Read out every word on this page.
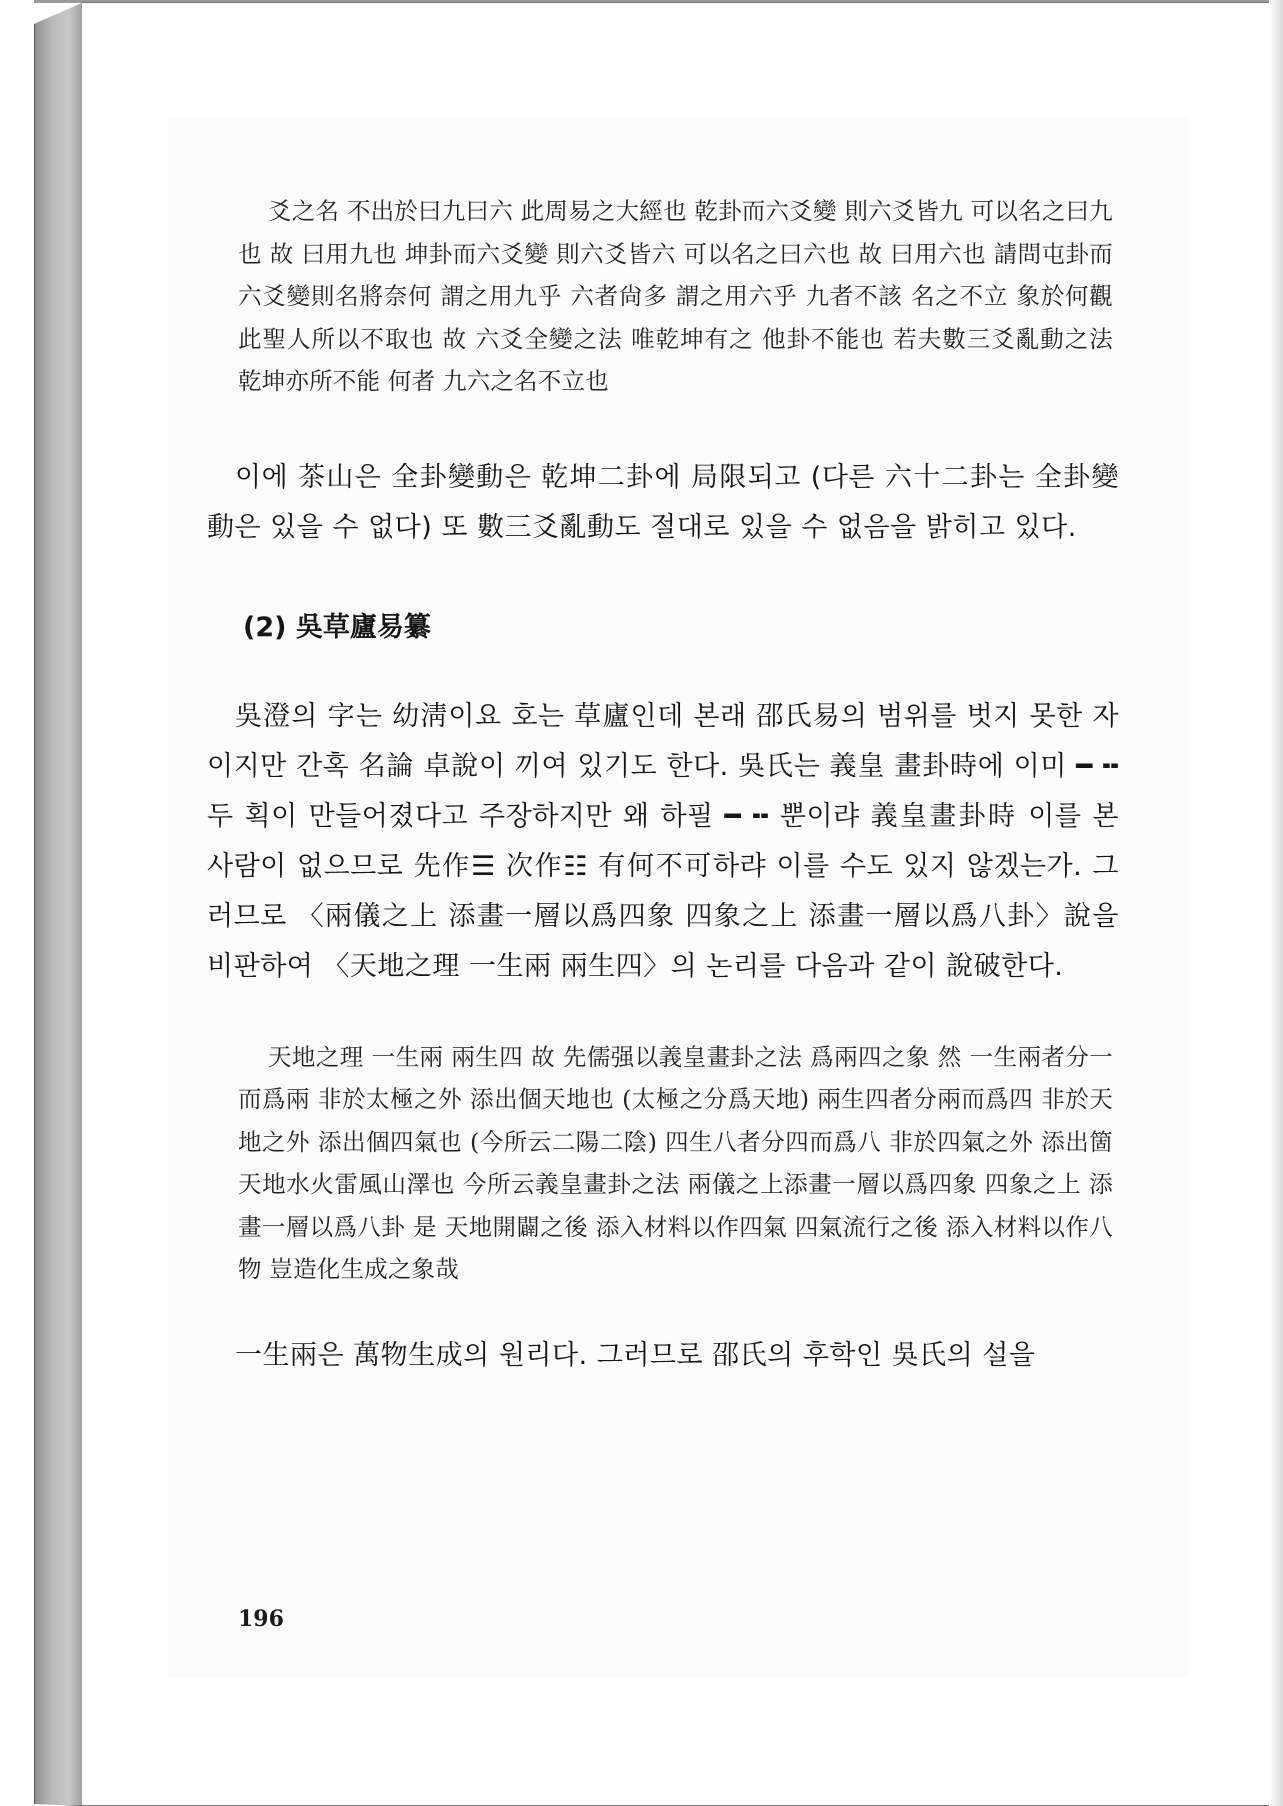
爻之名 不出於曰九曰六 此周易之大經也 乾卦而六爻變 則六爻皆九 可以名之曰九也 故 曰用九也 坤卦而六爻變 則六爻皆六 可以名之曰六也 故 曰用六也 請問屯卦而六爻變則名將奈何 謂之用九乎 六者尙多 謂之用六乎 九者不該 名之不立 象於何觀 此聖人所以不取也 故 六爻全變之法 唯乾坤有之 他卦不能也 若夫數三爻亂動之法 乾坤亦所不能 何者 九六之名不立也

이에 茶山은 全卦變動은 乾坤二卦에 局限되고 (다른 六十二卦는 全卦變動은 있을 수 없다) 또 數三爻亂動도 절대로 있을 수 없음을 밝히고 있다.

(2) 吳草廬易纂

吳澄의 字는 幼淸이요 호는 草廬인데 본래 邵氏易의 범위를 벗지 못한 자이지만 간혹 名論 卓說이 끼여 있기도 한다. 吳氏는 義皇 畫卦時에 이미 ━ ╍ 두 획이 만들어졌다고 주장하지만 왜 하필 ━ ╍ 뿐이랴 義皇畫卦時 이를 본 사람이 없으므로 先作☰ 次作☷ 有何不可하랴 이를 수도 있지 않겠는가. 그러므로 〈兩儀之上 添畫一層以爲四象 四象之上 添畫一層以爲八卦〉說을 비판하여 〈天地之理 一生兩 兩生四〉의 논리를 다음과 같이 說破한다.

天地之理 一生兩 兩生四 故 先儒强以義皇畫卦之法 爲兩四之象 然 一生兩者分一而爲兩 非於太極之外 添出個天地也 (太極之分爲天地) 兩生四者分兩而爲四 非於天地之外 添出個四氣也 (今所云二陽二陰) 四生八者分四而爲八 非於四氣之外 添出箇天地水火雷風山澤也 今所云義皇畫卦之法 兩儀之上添畫一層以爲四象 四象之上 添畫一層以爲八卦 是 天地開闢之後 添入材料以作四氣 四氣流行之後 添入材料以作八物 豈造化生成之象哉

一生兩은 萬物生成의 원리다. 그러므로 邵氏의 후학인 吳氏의 설을

196
